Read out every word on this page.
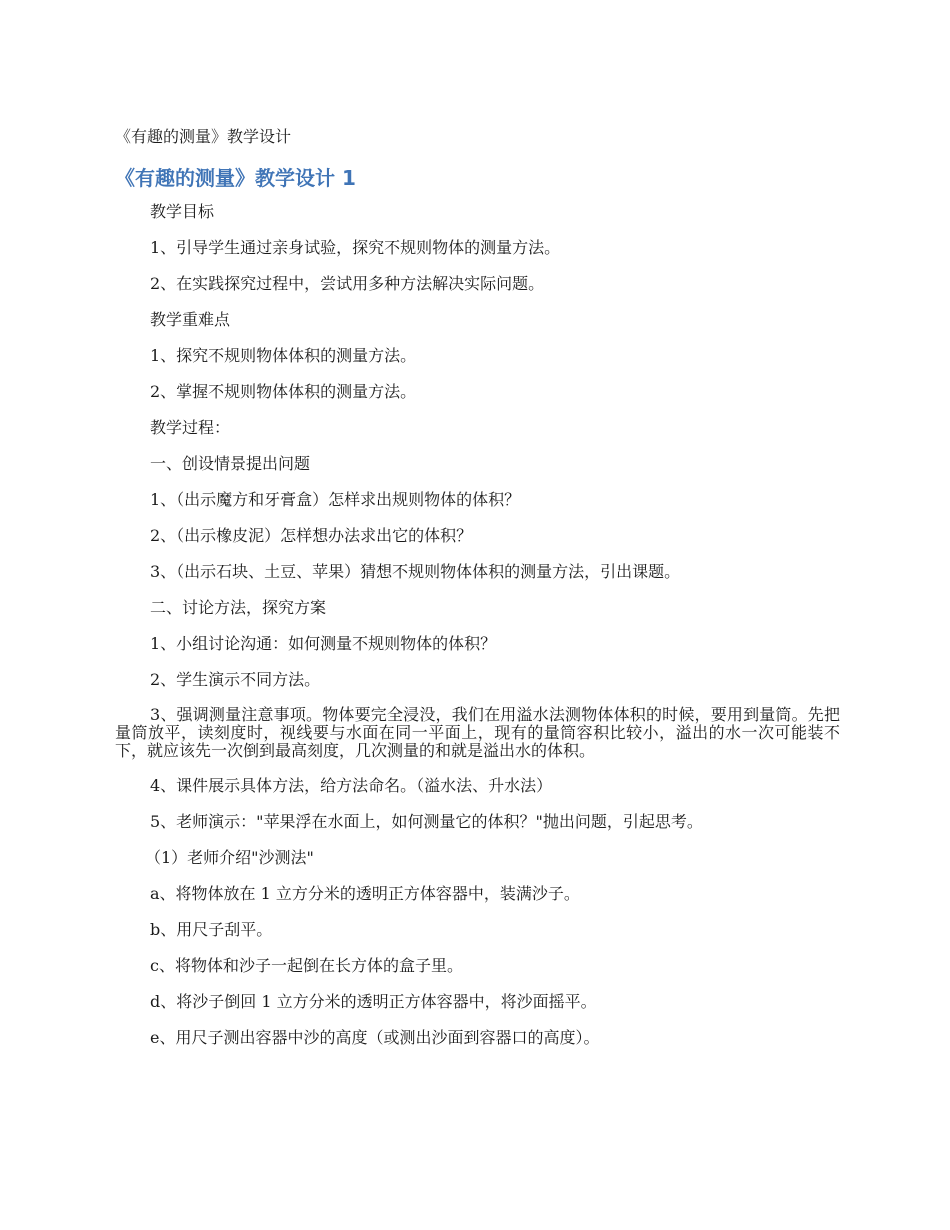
《有趣的测量》教学设计
《有趣的测量》教学设计 1

教学目标

1、引导学生通过亲身试验，探究不规则物体的测量方法。

2、在实践探究过程中，尝试用多种方法解决实际问题。

教学重难点

1、探究不规则物体体积的测量方法。

2、掌握不规则物体体积的测量方法。

教学过程：

一、创设情景提出问题

1、（出示魔方和牙膏盒）怎样求出规则物体的体积？

2、（出示橡皮泥）怎样想办法求出它的体积？

3、（出示石块、土豆、苹果）猜想不规则物体体积的测量方法，引出课题。

二、讨论方法，探究方案

1、小组讨论沟通：如何测量不规则物体的体积？

2、学生演示不同方法。

3、强调测量注意事项。物体要完全浸没，我们在用溢水法测物体体积的时候，要用到量筒。先把量筒放平，读刻度时，视线要与水面在同一平面上，现有的量筒容积比较小，溢出的水一次可能装不下，就应该先一次倒到最高刻度，几次测量的和就是溢出水的体积。

4、课件展示具体方法，给方法命名。（溢水法、升水法）

5、老师演示："苹果浮在水面上，如何测量它的体积？"抛出问题，引起思考。

（1）老师介绍"沙测法"

a、将物体放在 1 立方分米的透明正方体容器中，装满沙子。

b、用尺子刮平。

c、将物体和沙子一起倒在长方体的盒子里。

d、将沙子倒回 1 立方分米的透明正方体容器中，将沙面摇平。

e、用尺子测出容器中沙的高度（或测出沙面到容器口的高度）。
